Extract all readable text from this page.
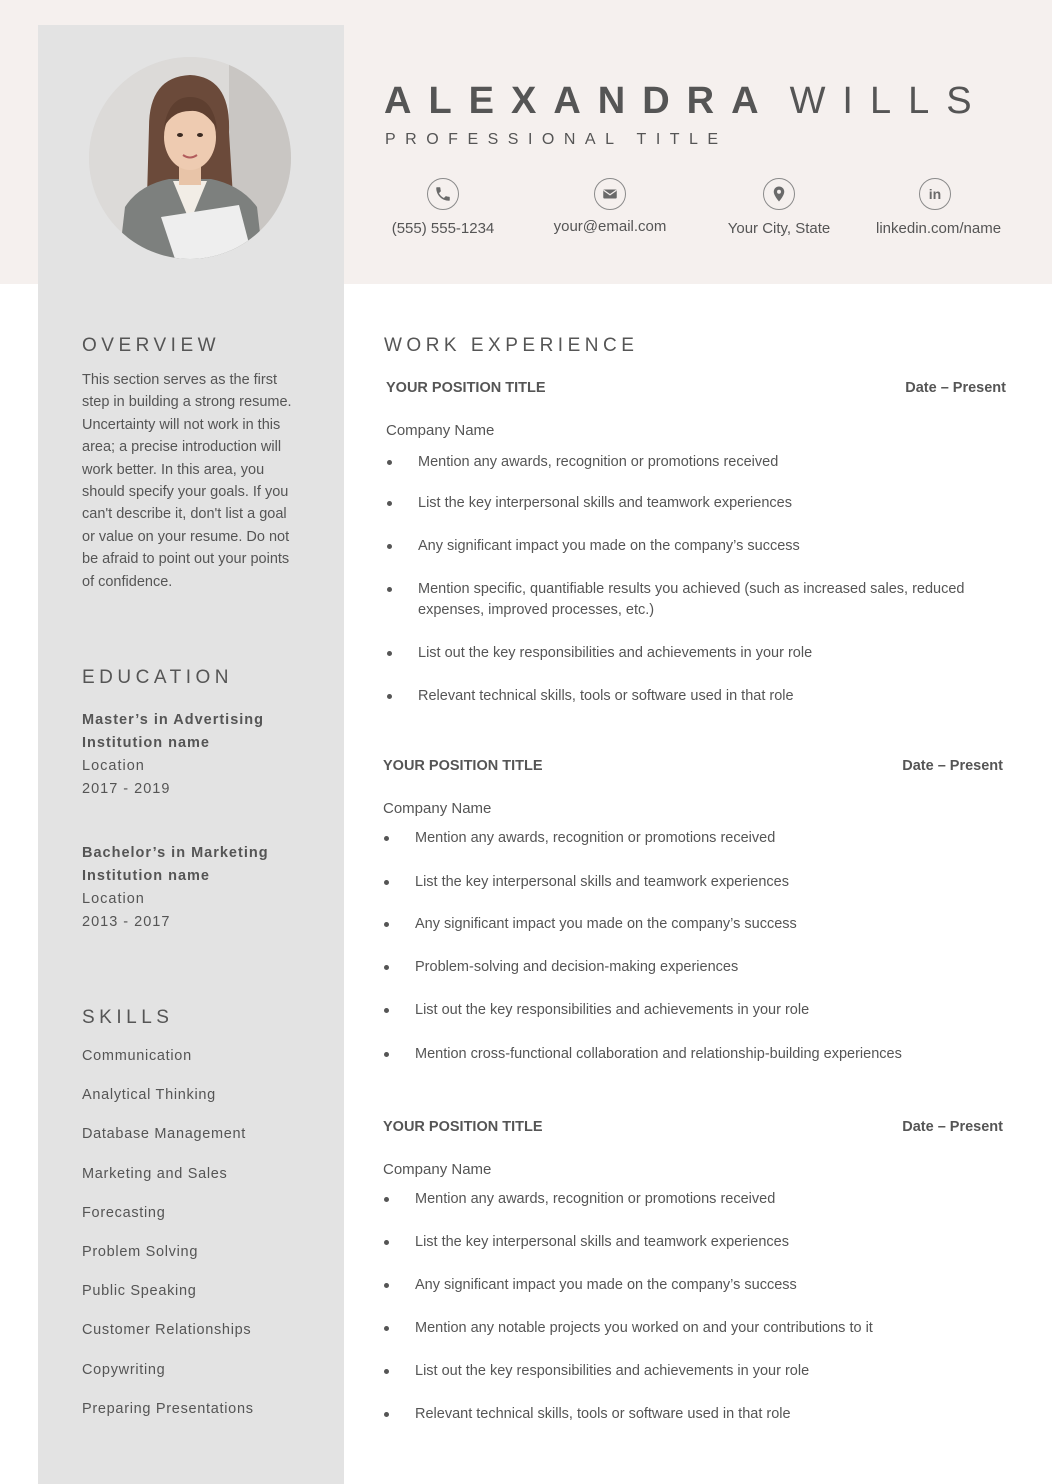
ALEXANDRA WILLS
PROFESSIONAL TITLE
(555) 555-1234	your@email.com	Your City, State
in
linkedin.com/name
OVERVIEW

This section serves as the first step in building a strong resume. Uncertainty will not work in this area; a precise introduction will work better. In this area, you should specify your goals. If you can't describe it, don't list a goal or value on your resume. Do not be afraid to point out your points of confidence.

EDUCATION
Master’s in Advertising
Institution name
Location
2017 - 2019
Bachelor’s in Marketing
Institution name
Location
2013 - 2017
SKILLS
Communication
Analytical Thinking
Database Management
Marketing and Sales
Forecasting
Problem Solving
Public Speaking
Customer Relationships
Copywriting
Preparing Presentations
WORK EXPERIENCE
YOUR POSITION TITLE	Date – Present
Company Name
Mention any awards, recognition or promotions received
List the key interpersonal skills and teamwork experiences
Any significant impact you made on the company’s success
Mention specific, quantifiable results you achieved (such as increased sales, reduced expenses, improved processes, etc.)
List out the key responsibilities and achievements in your role
Relevant technical skills, tools or software used in that role
YOUR POSITION TITLE	Date – Present
Company Name
Mention any awards, recognition or promotions received
List the key interpersonal skills and teamwork experiences
Any significant impact you made on the company’s success
Problem-solving and decision-making experiences
List out the key responsibilities and achievements in your role
Mention cross-functional collaboration and relationship-building experiences
YOUR POSITION TITLE	Date – Present
Company Name
Mention any awards, recognition or promotions received
List the key interpersonal skills and teamwork experiences
Any significant impact you made on the company’s success
Mention any notable projects you worked on and your contributions to it
List out the key responsibilities and achievements in your role
Relevant technical skills, tools or software used in that role
